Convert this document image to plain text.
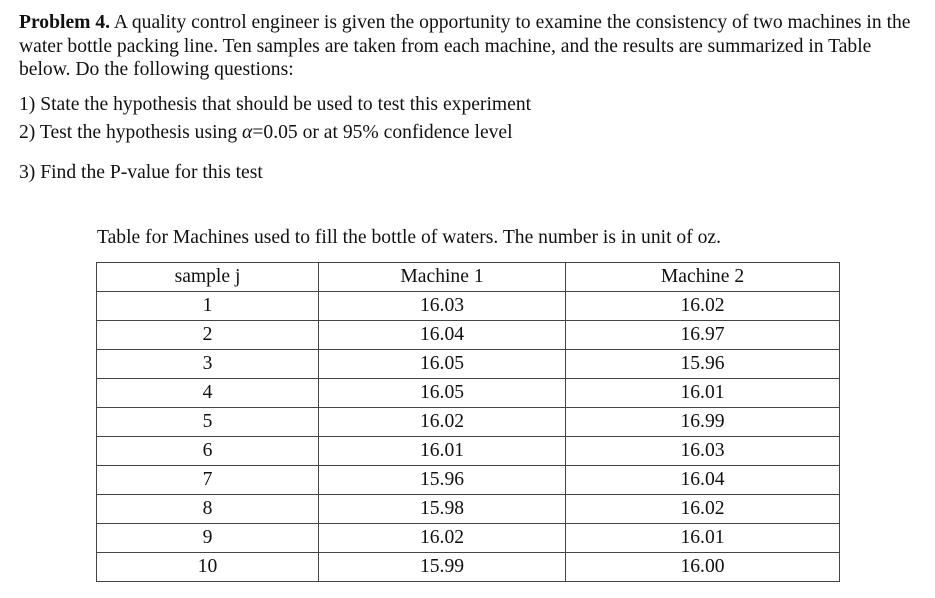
Problem 4. A quality control engineer is given the opportunity to examine the consistency of two machines in the water bottle packing line. Ten samples are taken from each machine, and the results are summarized in Table below. Do the following questions:
1) State the hypothesis that should be used to test this experiment
2) Test the hypothesis using α=0.05 or at 95% confidence level
3) Find the P-value for this test
Table for Machines used to fill the bottle of waters. The number is in unit of oz.
sample j	Machine 1	Machine 2
1	16.03	16.02
2	16.04	16.97
3	16.05	15.96
4	16.05	16.01
5	16.02	16.99
6	16.01	16.03
7	15.96	16.04
8	15.98	16.02
9	16.02	16.01
10	15.99	16.00
